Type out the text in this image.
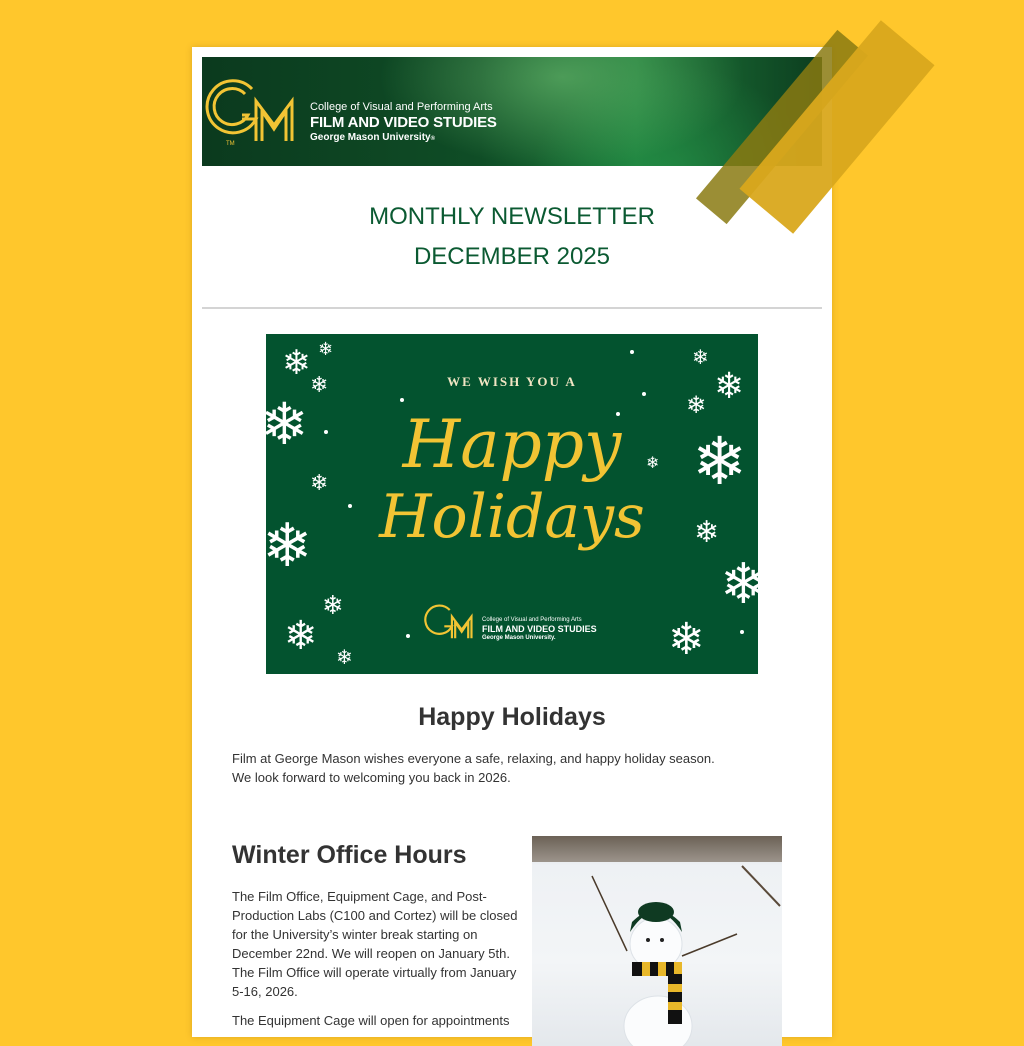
TM
College of Visual and Performing Arts
FILM AND VIDEO STUDIES
George Mason University®
MONTHLY NEWSLETTER
DECEMBER 2025
❄ ❄
❄
❄
❄
❄
❄
❄ ❄
❄
❄
❄
❄
❄
❄
❄
❄
WE WISH YOU A
Happy
Holidays
College of Visual and Performing Arts
FILM AND VIDEO STUDIES
George Mason University.
Happy Holidays
Film at George Mason wishes everyone a safe, relaxing, and happy holiday season.
We look forward to welcoming you back in 2026.
Winter Office Hours
The Film Office, Equipment Cage, and Post-Production Labs (C100 and Cortez) will be closed for the University’s winter break starting on December 22nd. We will reopen on January 5th. The Film Office will operate virtually from January 5-16, 2026.
The Equipment Cage will open for appointments
